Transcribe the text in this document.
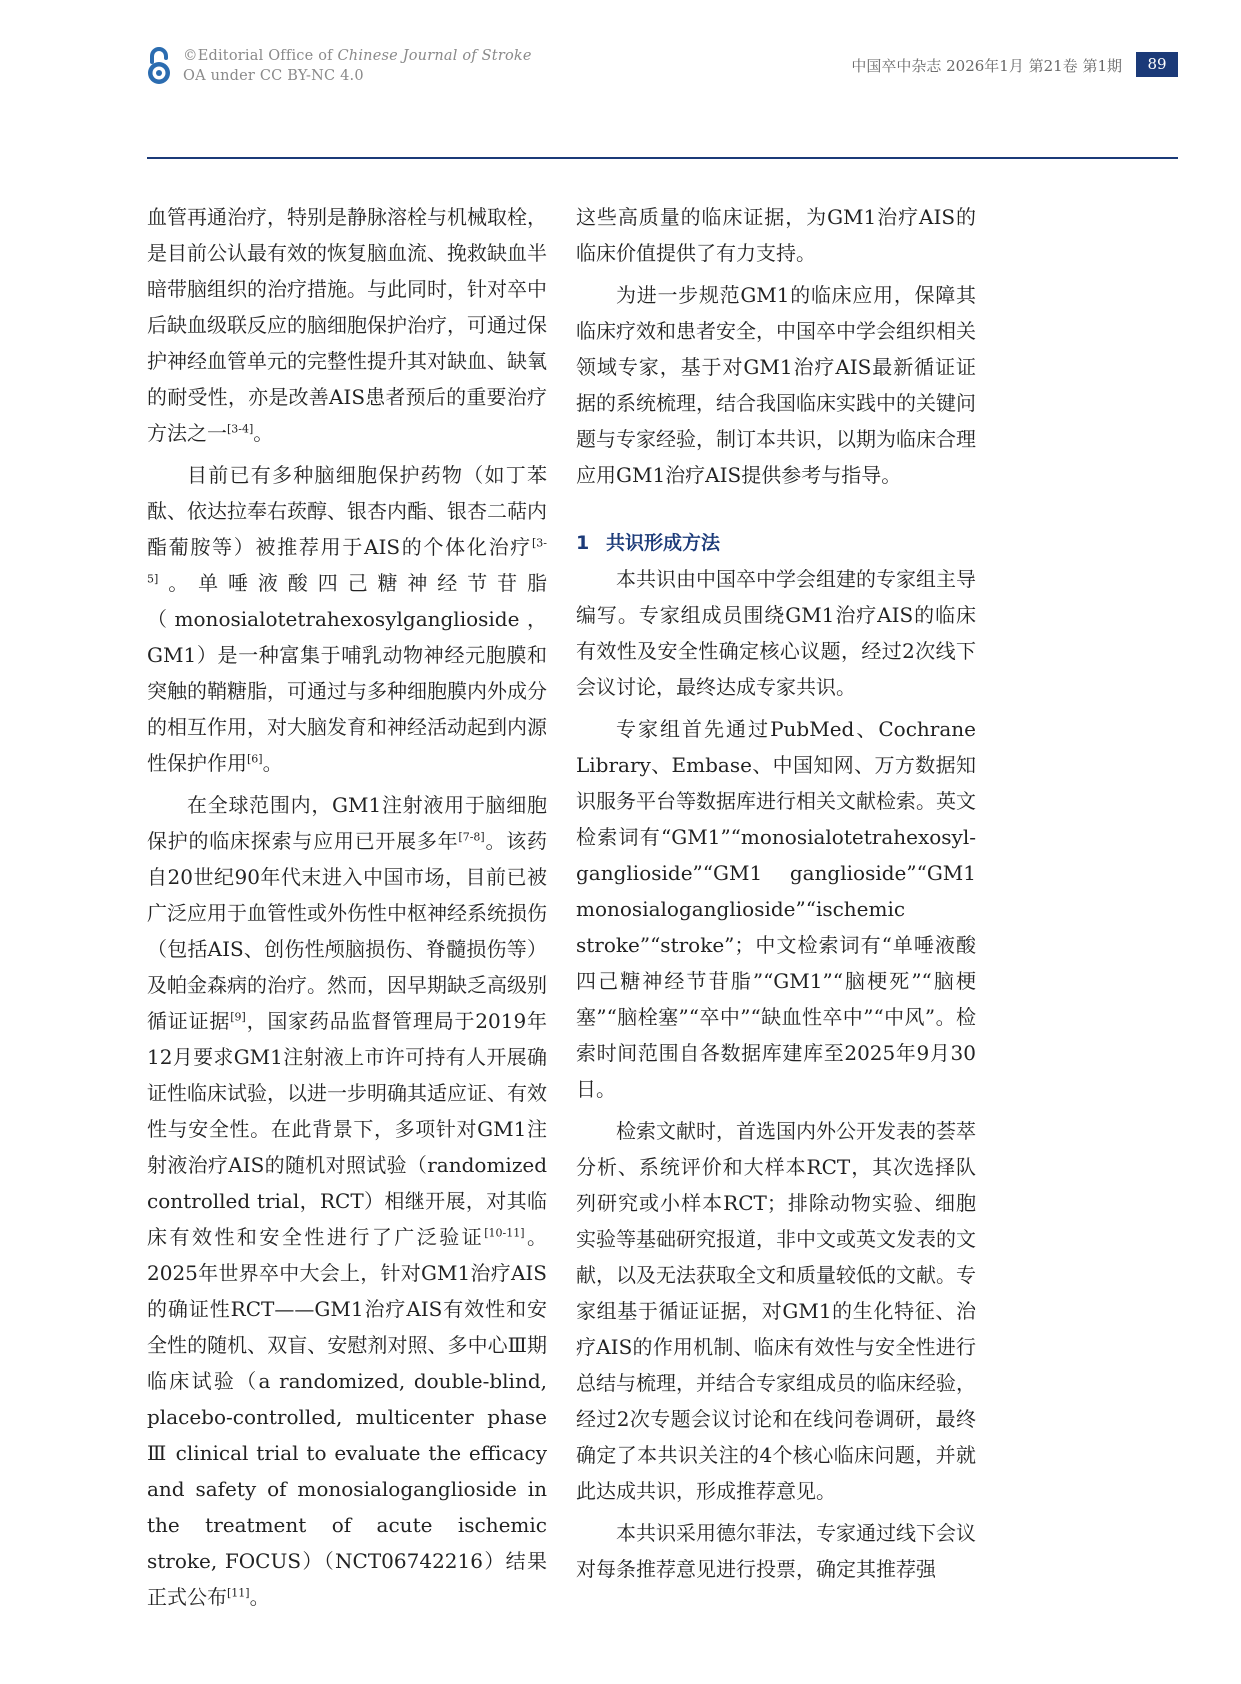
©Editorial Office of Chinese Journal of Stroke
OA under CC BY-NC 4.0
中国卒中杂志 2026年1月 第21卷 第1期	89

血管再通治疗，特别是静脉溶栓与机械取栓，是目前公认最有效的恢复脑血流、挽救缺血半暗带脑组织的治疗措施。与此同时，针对卒中后缺血级联反应的脑细胞保护治疗，可通过保护神经血管单元的完整性提升其对缺血、缺氧的耐受性，亦是改善AIS患者预后的重要治疗方法之一[3-4]。

目前已有多种脑细胞保护药物（如丁苯酞、依达拉奉右莰醇、银杏内酯、银杏二萜内酯葡胺等）被推荐用于AIS的个体化治疗[3-5]。单唾液酸四己糖神经节苷脂（monosialotetrahexosylganglioside，GM1）是一种富集于哺乳动物神经元胞膜和突触的鞘糖脂，可通过与多种细胞膜内外成分的相互作用，对大脑发育和神经活动起到内源性保护作用[6]。

在全球范围内，GM1注射液用于脑细胞保护的临床探索与应用已开展多年[7-8]。该药自20世纪90年代末进入中国市场，目前已被广泛应用于血管性或外伤性中枢神经系统损伤（包括AIS、创伤性颅脑损伤、脊髓损伤等）及帕金森病的治疗。然而，因早期缺乏高级别循证证据[9]，国家药品监督管理局于2019年12月要求GM1注射液上市许可持有人开展确证性临床试验，以进一步明确其适应证、有效性与安全性。在此背景下，多项针对GM1注射液治疗AIS的随机对照试验（randomized controlled trial，RCT）相继开展，对其临床有效性和安全性进行了广泛验证[10-11]。2025年世界卒中大会上，针对GM1治疗AIS的确证性RCT——GM1治疗AIS有效性和安全性的随机、双盲、安慰剂对照、多中心Ⅲ期临床试验（a randomized, double-blind, placebo-controlled, multicenter phase Ⅲ clinical trial to evaluate the efficacy and safety of monosialoganglioside in the treatment of acute ischemic stroke, FOCUS）（NCT06742216）结果正式公布[11]。

这些高质量的临床证据，为GM1治疗AIS的临床价值提供了有力支持。

为进一步规范GM1的临床应用，保障其临床疗效和患者安全，中国卒中学会组织相关领域专家，基于对GM1治疗AIS最新循证证据的系统梳理，结合我国临床实践中的关键问题与专家经验，制订本共识，以期为临床合理应用GM1治疗AIS提供参考与指导。

1 共识形成方法

本共识由中国卒中学会组建的专家组主导编写。专家组成员围绕GM1治疗AIS的临床有效性及安全性确定核心议题，经过2次线下会议讨论，最终达成专家共识。

专家组首先通过PubMed、Cochrane Library、Embase、中国知网、万方数据知识服务平台等数据库进行相关文献检索。英文检索词有“GM1”“monosialotetrahexosyl-ganglioside”“GM1 ganglioside”“GM1 monosialoganglioside”“ischemic stroke”“stroke”；中文检索词有“单唾液酸四己糖神经节苷脂”“GM1”“脑梗死”“脑梗塞”“脑栓塞”“卒中”“缺血性卒中”“中风”。检索时间范围自各数据库建库至2025年9月30日。

检索文献时，首选国内外公开发表的荟萃分析、系统评价和大样本RCT，其次选择队列研究或小样本RCT；排除动物实验、细胞实验等基础研究报道，非中文或英文发表的文献，以及无法获取全文和质量较低的文献。专家组基于循证证据，对GM1的生化特征、治疗AIS的作用机制、临床有效性与安全性进行总结与梳理，并结合专家组成员的临床经验，经过2次专题会议讨论和在线问卷调研，最终确定了本共识关注的4个核心临床问题，并就此达成共识，形成推荐意见。

本共识采用德尔菲法，专家通过线下会议对每条推荐意见进行投票，确定其推荐强
